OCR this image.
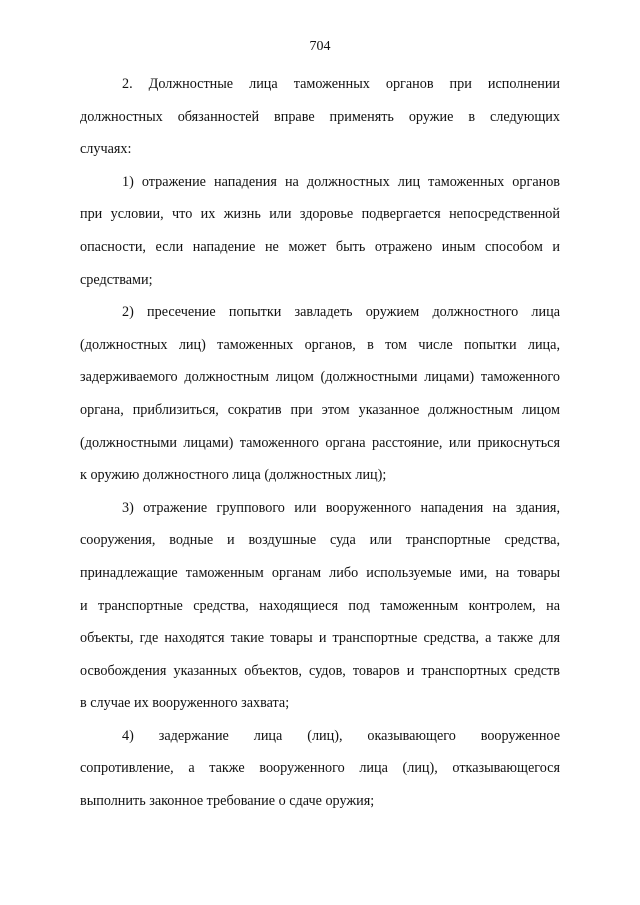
704

2. Должностные лица таможенных органов при исполнении
должностных обязанностей вправе применять оружие в следующих
случаях:

1) отражение нападения на должностных лиц таможенных органов
при условии, что их жизнь или здоровье подвергается непосредственной
опасности, если нападение не может быть отражено иным способом и
средствами;

2) пресечение попытки завладеть оружием должностного лица
(должностных лиц) таможенных органов, в том числе попытки лица,
задерживаемого должностным лицом (должностными лицами) таможенного
органа, приблизиться, сократив при этом указанное должностным лицом
(должностными лицами) таможенного органа расстояние, или прикоснуться
к оружию должностного лица (должностных лиц);

3) отражение группового или вооруженного нападения на здания,
сооружения, водные и воздушные суда или транспортные средства,
принадлежащие таможенным органам либо используемые ими, на товары
и транспортные средства, находящиеся под таможенным контролем, на
объекты, где находятся такие товары и транспортные средства, а также для
освобождения указанных объектов, судов, товаров и транспортных средств
в случае их вооруженного захвата;

4) задержание лица (лиц), оказывающего вооруженное
сопротивление, а также вооруженного лица (лиц), отказывающегося
выполнить законное требование о сдаче оружия;
